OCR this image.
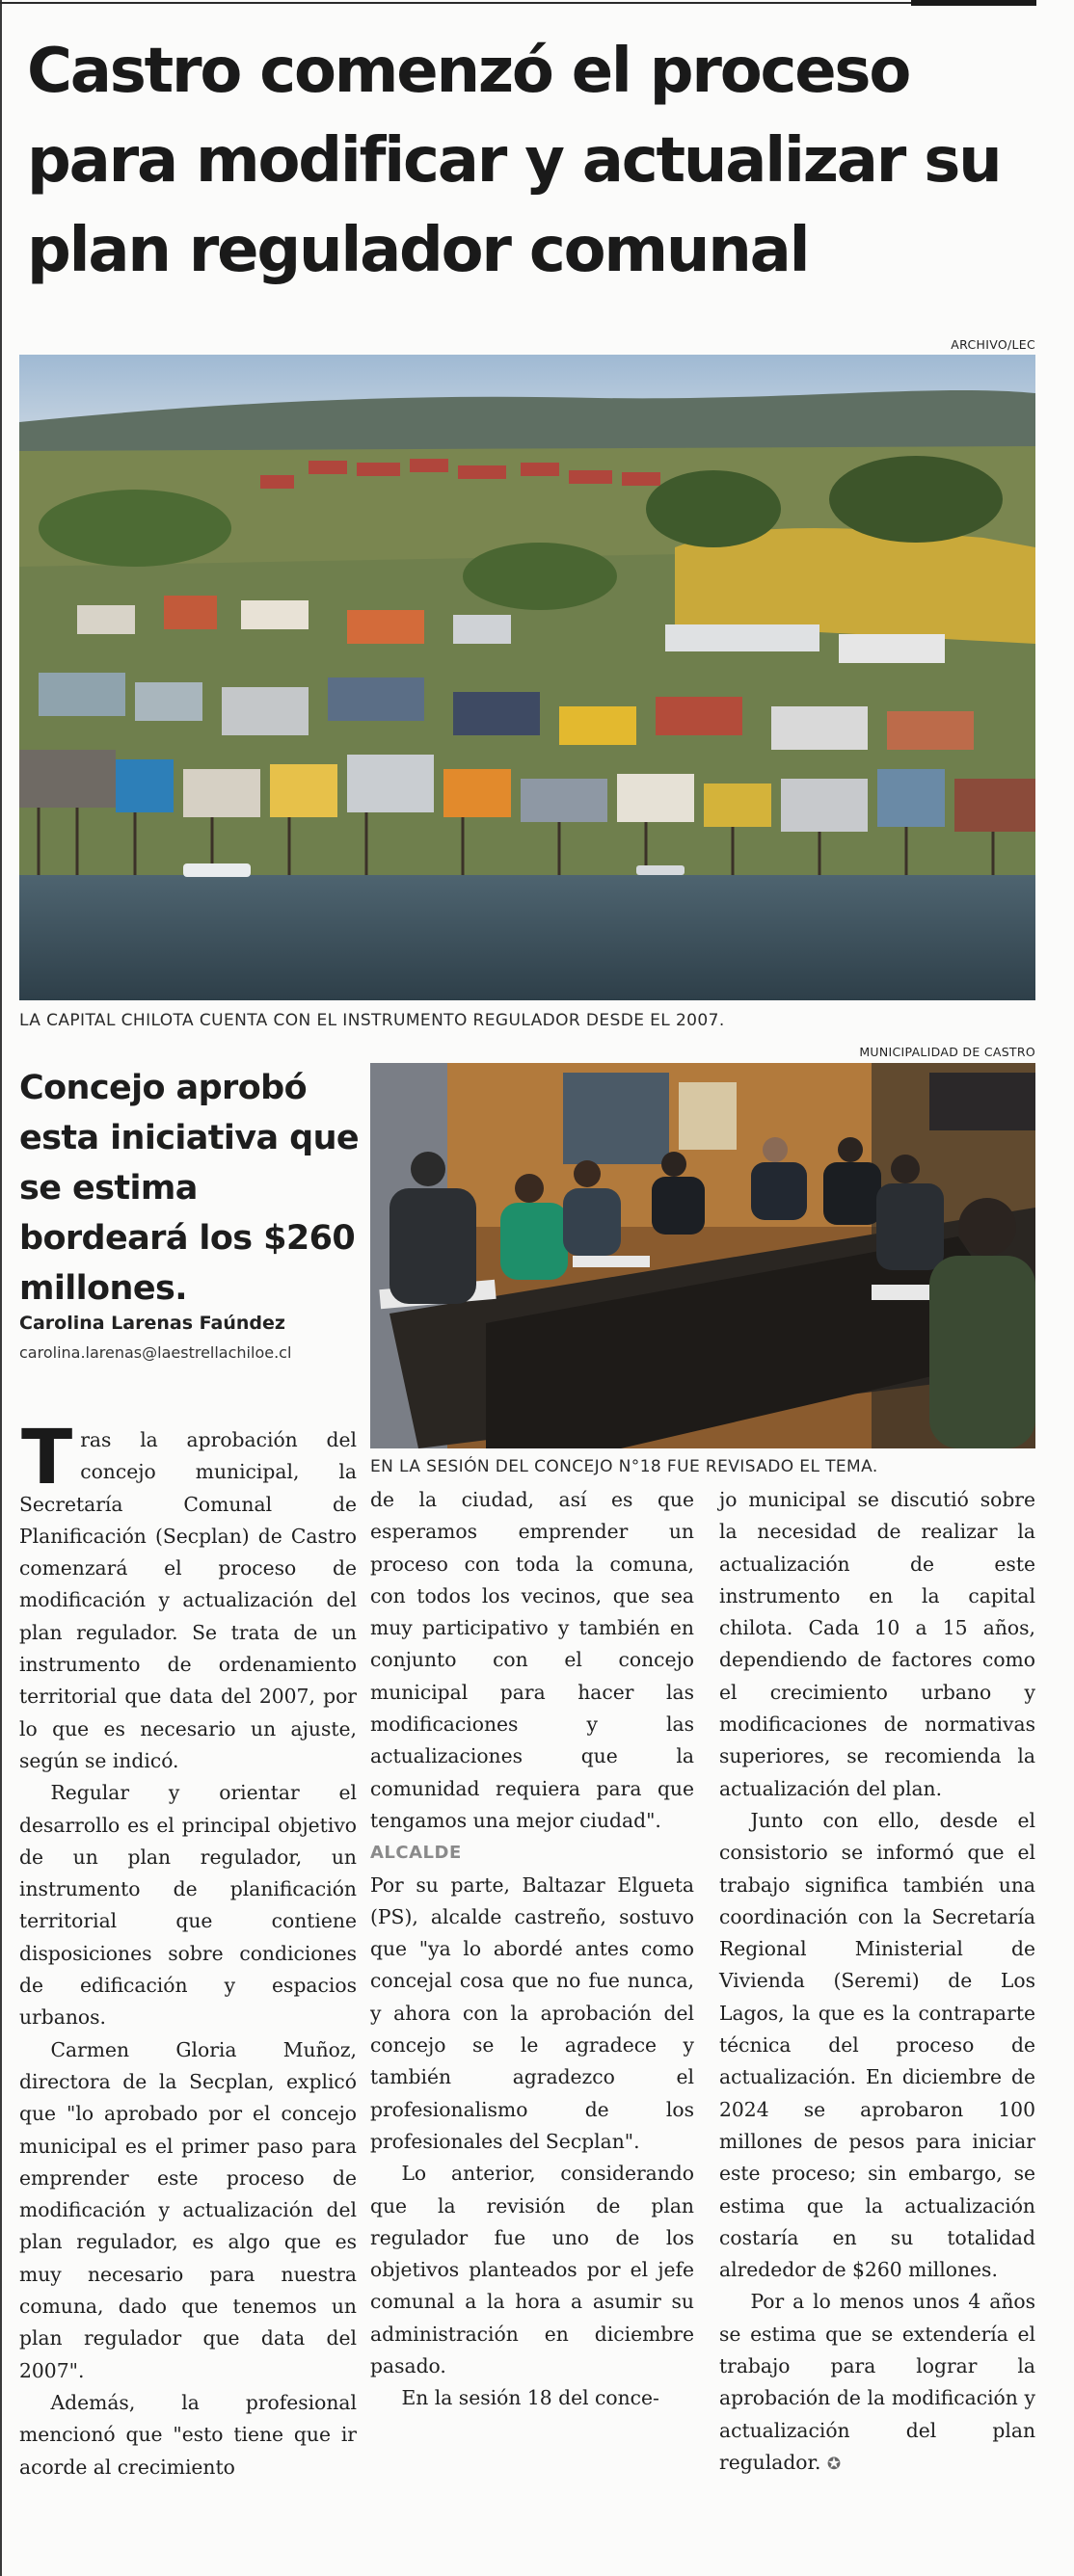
Castro comenzó el proceso para modificar y actualizar su plan regulador comunal
ARCHIVO/LEC
LA CAPITAL CHILOTA CUENTA CON EL INSTRUMENTO REGULADOR DESDE EL 2007.
Concejo aprobó esta iniciativa que se estima bordeará los $260 millones.
Carolina Larenas Faúndez
carolina.larenas@laestrellachiloe.cl
MUNICIPALIDAD DE CASTRO
EN LA SESIÓN DEL CONCEJO N°18 FUE REVISADO EL TEMA.

Tras la aprobación del concejo municipal, la Secretaría Comunal de Planificación (Secplan) de Castro comenzará el proceso de modificación y actualización del plan regulador. Se trata de un instrumento de ordenamiento territorial que data del 2007, por lo que es necesario un ajuste, según se indicó.

Regular y orientar el desarrollo es el principal objetivo de un plan regulador, un instrumento de planificación territorial que contiene disposiciones sobre condiciones de edificación y espacios urbanos.

Carmen Gloria Muñoz, directora de la Secplan, explicó que "lo aprobado por el concejo municipal es el primer paso para emprender este proceso de modificación y actualización del plan regulador, es algo que es muy necesario para nuestra comuna, dado que tenemos un plan regulador que data del 2007".

Además, la profesional mencionó que "esto tiene que ir acorde al crecimiento

de la ciudad, así es que esperamos emprender un proceso con toda la comuna, con todos los vecinos, que sea muy participativo y también en conjunto con el concejo municipal para hacer las modificaciones y las actualizaciones que la comunidad requiera para que tengamos una mejor ciudad".

ALCALDE

Por su parte, Baltazar Elgueta (PS), alcalde castreño, sostuvo que "ya lo abordé antes como concejal cosa que no fue nunca, y ahora con la aprobación del concejo se le agradece y también agradezco el profesionalismo de los profesionales del Secplan".

Lo anterior, considerando que la revisión de plan regulador fue uno de los objetivos planteados por el jefe comunal a la hora a asumir su administración en diciembre pasado.

En la sesión 18 del conce-

jo municipal se discutió sobre la necesidad de realizar la actualización de este instrumento en la capital chilota. Cada 10 a 15 años, dependiendo de factores como el crecimiento urbano y modificaciones de normativas superiores, se recomienda la actualización del plan.

Junto con ello, desde el consistorio se informó que el trabajo significa también una coordinación con la Secretaría Regional Ministerial de Vivienda (Seremi) de Los Lagos, la que es la contraparte técnica del proceso de actualización. En diciembre de 2024 se aprobaron 100 millones de pesos para iniciar este proceso; sin embargo, se estima que la actualización costaría en su totalidad alrededor de $260 millones.

Por a lo menos unos 4 años se estima que se extendería el trabajo para lograr la aprobación de la modificación y actualización del plan regulador. ✪
